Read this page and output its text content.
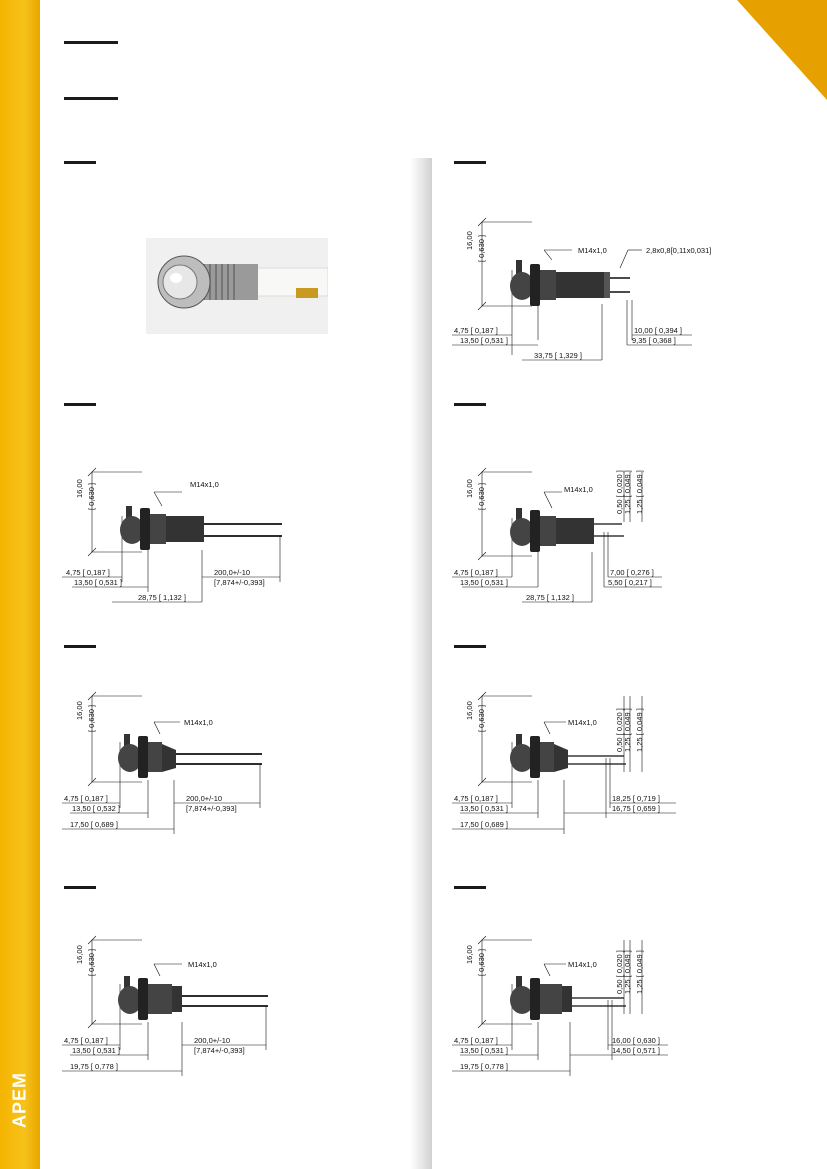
APEM
16,00 [ 0,630 ]	M14x1,0	2,8x0,8[0,11x0,031]
4,75 [ 0,187 ]
13,50 [ 0,531 ]
33,75 [ 1,329 ]
10,00 [ 0,394 ]
9,35 [ 0,368 ]
16,00 [ 0,630 ]	M14x1,0
4,75 [ 0,187 ]
13,50 [ 0,531 ]
28,75 [ 1,132 ]
200,0+/-10
[7,874+/-0,393]
16,00 [ 0,630 ]	M14x1,0	0,50 [ 0,020 ] 1,25 [ 0,049 ] 1,25 [ 0,049 ]
4,75 [ 0,187 ]
13,50 [ 0,531 ]
28,75 [ 1,132 ]
7,00 [ 0,276 ]
5,50 [ 0,217 ]
16,00 [ 0,630 ]	M14x1,0
4,75 [ 0,187 ]
13,50 [ 0,532 ]
17,50 [ 0,689 ]
200,0+/-10
[7,874+/-0,393]
16,00 [ 0,630 ]	M14x1,0 0,50 [ 0,020 ] 1,25 [ 0,049 ] 1,25 [ 0,049 ]
4,75 [ 0,187 ]
13,50 [ 0,531 ]
17,50 [ 0,689 ]
18,25 [ 0,719 ]
16,75 [ 0,659 ]
16,00 [ 0,630 ]	M14x1,0
4,75 [ 0,187 ]
13,50 [ 0,531 ]
19,75 [ 0,778 ]
200,0+/-10
[7,874+/-0,393]
16,00 [ 0,630 ]	M14x1,0 0,50 [ 0,020 ] 1,25 [ 0,049 ] 1,25 [ 0,049 ]
4,75 [ 0,187 ]
13,50 [ 0,531 ]
19,75 [ 0,778 ]
16,00 [ 0,630 ]
14,50 [ 0,571 ]
